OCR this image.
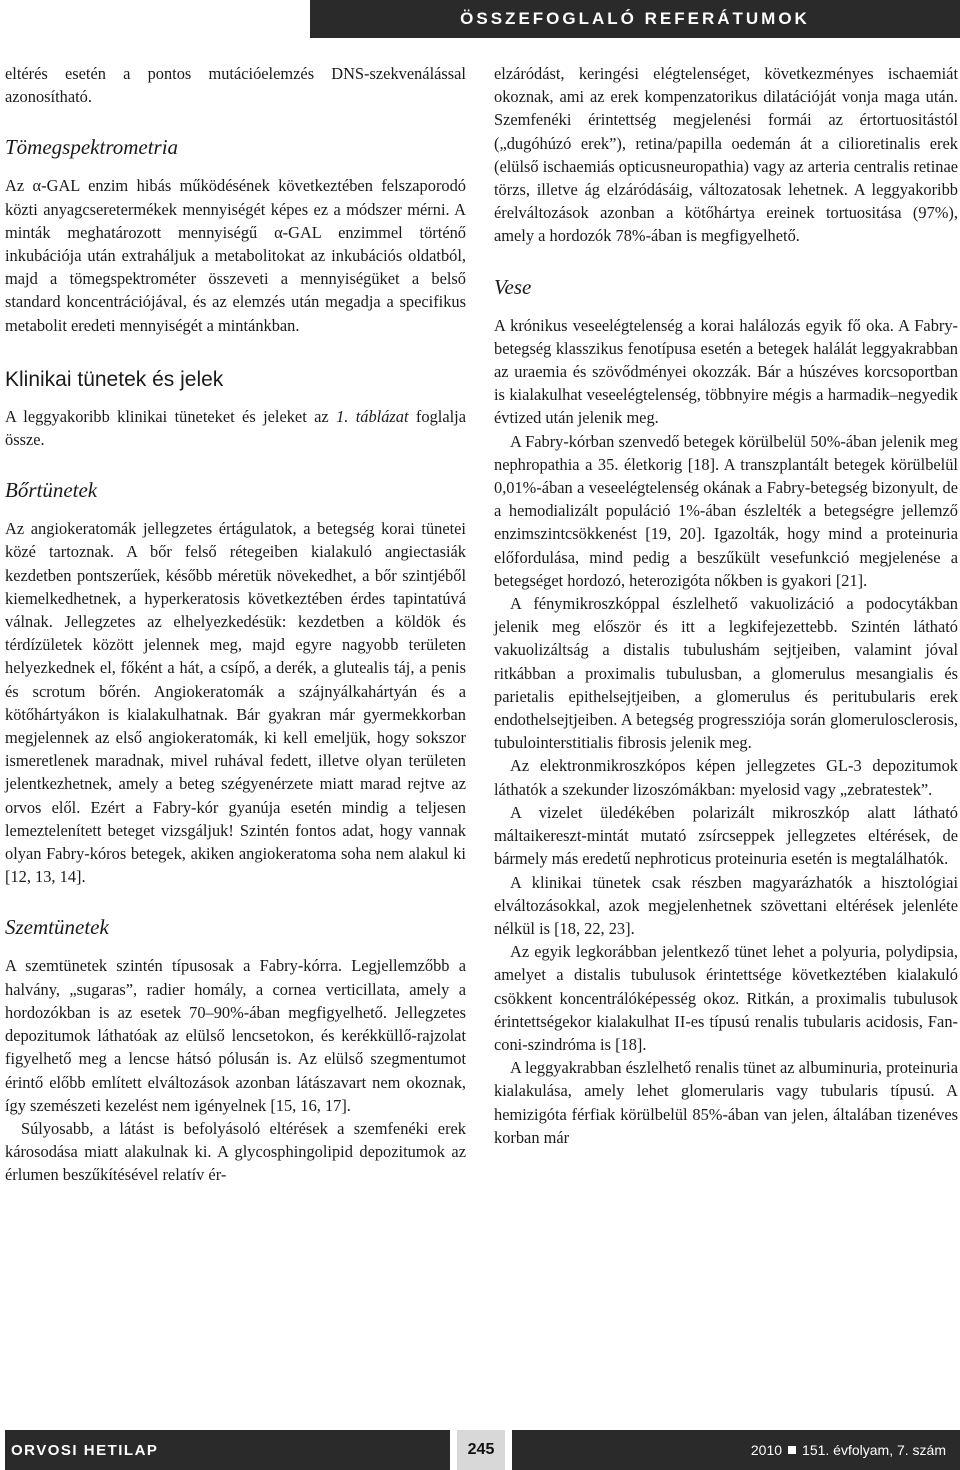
ÖSSZEFOGLALÓ REFERÁTUMOK

eltérés esetén a pontos mutációelemzés DNS-szekvenálással azonosítható.

Tömegspektrometria

Az α-GAL enzim hibás működésének következtében felszaporodó közti anyagcseretermékek mennyiségét képes ez a módszer mérni. A minták meghatározott mennyiségű α-GAL enzimmel történő inkubációja után extraháljuk a metabolitokat az inkubációs oldatból, majd a tömegspektrométer összeveti a mennyiségüket a belső standard koncentrációjával, és az elemzés után megadja a specifikus metabolit eredeti mennyiségét a mintánkban.

Klinikai tünetek és jelek

A leggyakoribb klinikai tüneteket és jeleket az 1. táblázat foglalja össze.

Bőrtünetek

Az angiokeratomák jellegzetes értágulatok, a betegség korai tünetei közé tartoznak. A bőr felső rétegeiben kialakuló angiectasiák kezdetben pontszerűek, később méretük növekedhet, a bőr szintjéből kiemelkedhetnek, a hyperkeratosis következtében érdes tapintatúvá válnak. Jellegzetes az elhelyezkedésük: kezdetben a köldök és térdízületek között jelennek meg, majd egyre nagyobb területen helyezkednek el, főként a hát, a csípő, a derék, a glutealis táj, a penis és scrotum bőrén. Angiokeratomák a szájnyálkahártyán és a kötőhártyákon is kialakulhatnak. Bár gyakran már gyermekkorban megjelennek az első angiokeratomák, ki kell emeljük, hogy sokszor ismeretlenek maradnak, mivel ruhával fedett, illetve olyan területen jelentkezhetnek, amely a beteg szégyenérzete miatt marad rejtve az orvos elől. Ezért a Fabry-kór gyanúja esetén mindig a teljesen lemeztelenített beteget vizsgáljuk! Szintén fontos adat, hogy vannak olyan Fabry-kóros betegek, akiken angiokeratoma soha nem alakul ki [12, 13, 14].

Szemtünetek

A szemtünetek szintén típusosak a Fabry-kórra. Legjellemzőbb a halvány, „sugaras”, radier homály, a cornea verticillata, amely a hordozókban is az esetek 70–90%-ában megfigyelhető. Jellegzetes depozitumok láthatóak az elülső lencsetokon, és kerékküllő-rajzolat figyelhető meg a lencse hátsó pólusán is. Az elülső szegmentumot érintő előbb említett elváltozások azonban látászavart nem okoznak, így szemészeti kezelést nem igényelnek [15, 16, 17].

Súlyosabb, a látást is befolyásoló eltérések a szemfenéki erek károsodása miatt alakulnak ki. A glycosphingolipid depozitumok az érlumen beszűkítésével relatív ér-

elzáródást, keringési elégtelenséget, következményes ischaemiát okoznak, ami az erek kompenzatorikus dilatációját vonja maga után. Szemfenéki érintettség megjelenési formái az értortuositástól („dugóhúzó erek”), retina/papilla oedemán át a cilioretinalis erek (elülső ischaemiás opticusneuropathia) vagy az arteria centralis retinae törzs, illetve ág elzáródásáig, változatosak lehetnek. A leggyakoribb érelváltozások azonban a kötőhártya ereinek tortuositása (97%), amely a hordozók 78%-ában is megfigyelhető.

Vese

A krónikus veseelégtelenség a korai halálozás egyik fő oka. A Fabry-betegség klasszikus fenotípusa esetén a betegek halálát leggyakrabban az uraemia és szövődményei okozzák. Bár a húszéves korcsoportban is kialakulhat veseelégtelenség, többnyire mégis a harmadik–negyedik évtized után jelenik meg.

A Fabry-kórban szenvedő betegek körülbelül 50%-ában jelenik meg nephropathia a 35. életkorig [18]. A transzplantált betegek körülbelül 0,01%-ában a veseelégtelenség okának a Fabry-betegség bizonyult, de a hemodializált populáció 1%-ában észlelték a betegségre jellemző enzimszintcsökkenést [19, 20]. Igazolták, hogy mind a proteinuria előfordulása, mind pedig a beszűkült vesefunkció megjelenése a betegséget hordozó, heterozigóta nőkben is gyakori [21].

A fénymikroszkóppal észlelhető vakuolizáció a podocytákban jelenik meg először és itt a legkifejezettebb. Szintén látható vakuolizáltság a distalis tubulushám sejtjeiben, valamint jóval ritkábban a proximalis tubulusban, a glomerulus mesangialis és parietalis epithelsejtjeiben, a glomerulus és peritubularis erek endothelsejtjeiben. A betegség progressziója során glomerulosclerosis, tubulointerstitialis fibrosis jelenik meg.

Az elektronmikroszkópos képen jellegzetes GL-3 depozitumok láthatók a szekunder lizoszómákban: myelosid vagy „zebratestek”.

A vizelet üledékében polarizált mikroszkóp alatt látható máltaikereszt-mintát mutató zsírcseppek jellegzetes eltérések, de bármely más eredetű nephroticus proteinuria esetén is megtalálhatók.

A klinikai tünetek csak részben magyarázhatók a hisztológiai elváltozásokkal, azok megjelenhetnek szövettani eltérések jelenléte nélkül is [18, 22, 23].

Az egyik legkorábban jelentkező tünet lehet a polyuria, polydipsia, amelyet a distalis tubulusok érintettsége következtében kialakuló csökkent koncentrálóképesség okoz. Ritkán, a proximalis tubulusok érintettségekor kialakulhat II-es típusú renalis tubularis acidosis, Fanconi-szindróma is [18].

A leggyakrabban észlelhető renalis tünet az albuminuria, proteinuria kialakulása, amely lehet glomerularis vagy tubularis típusú. A hemizigóta férfiak körülbelül 85%-ában van jelen, általában tizenéves korban már

ORVOSI HETILAP	245	2010 151. évfolyam, 7. szám
